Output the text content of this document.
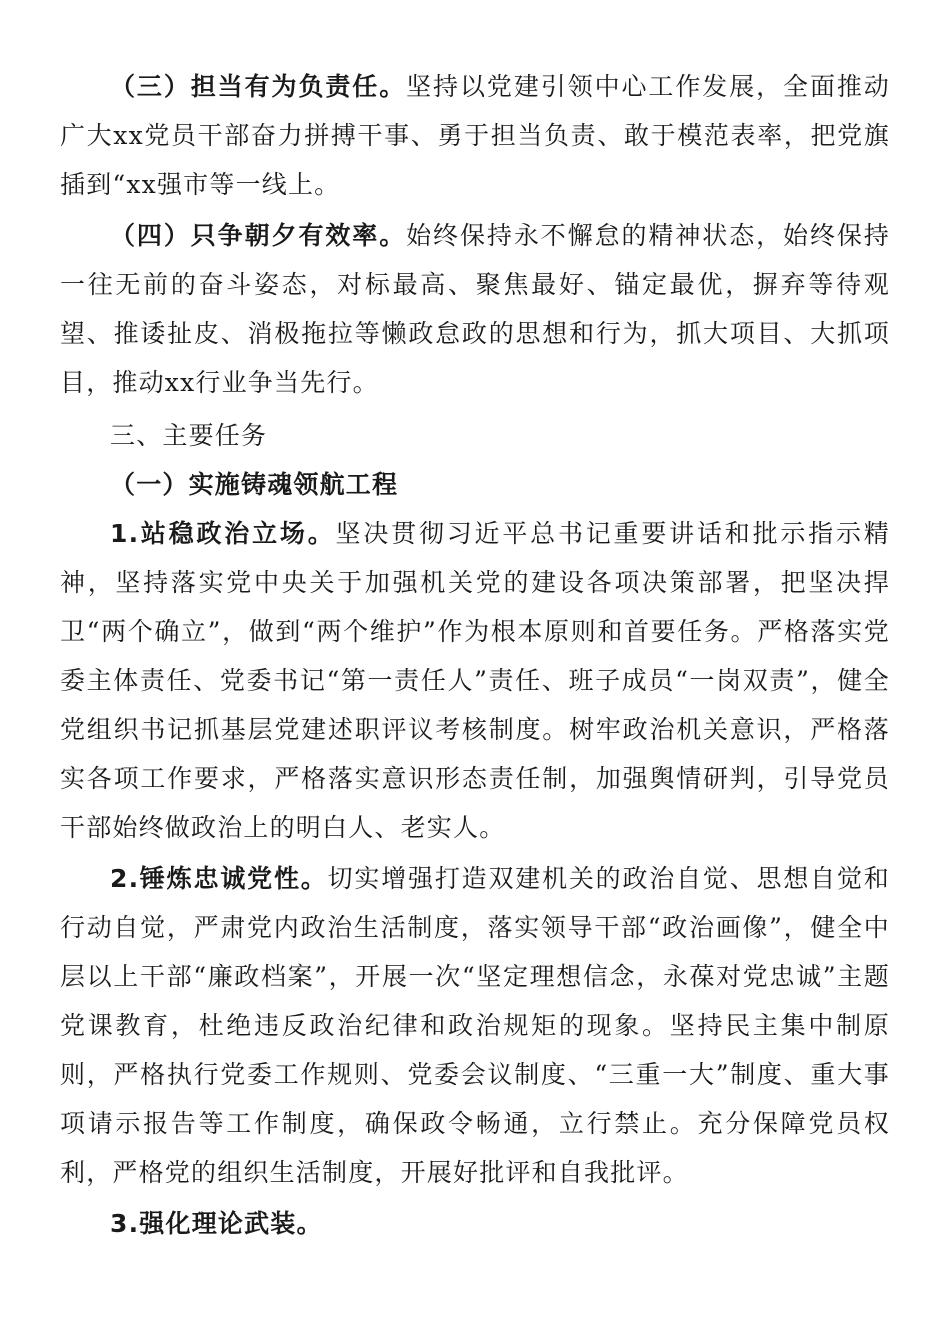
（三）担当有为负责任。坚持以党建引领中心工作发展，全面推动广大xx党员干部奋力拼搏干事、勇于担当负责、敢于模范表率，把党旗插到“xx强市等一线上。

（四）只争朝夕有效率。始终保持永不懈怠的精神状态，始终保持一往无前的奋斗姿态，对标最高、聚焦最好、锚定最优，摒弃等待观望、推诿扯皮、消极拖拉等懒政怠政的思想和行为，抓大项目、大抓项目，推动xx行业争当先行。

三、主要任务

（一）实施铸魂领航工程

1.站稳政治立场。坚决贯彻习近平总书记重要讲话和批示指示精神，坚持落实党中央关于加强机关党的建设各项决策部署，把坚决捍卫“两个确立”，做到“两个维护”作为根本原则和首要任务。严格落实党委主体责任、党委书记“第一责任人”责任、班子成员“一岗双责”，健全党组织书记抓基层党建述职评议考核制度。树牢政治机关意识，严格落实各项工作要求，严格落实意识形态责任制，加强舆情研判，引导党员干部始终做政治上的明白人、老实人。

2.锤炼忠诚党性。切实增强打造双建机关的政治自觉、思想自觉和行动自觉，严肃党内政治生活制度，落实领导干部“政治画像”，健全中层以上干部“廉政档案”，开展一次“坚定理想信念，永葆对党忠诚”主题党课教育，杜绝违反政治纪律和政治规矩的现象。坚持民主集中制原则，严格执行党委工作规则、党委会议制度、“三重一大”制度、重大事项请示报告等工作制度，确保政令畅通，立行禁止。充分保障党员权利，严格党的组织生活制度，开展好批评和自我批评。

3.强化理论武装。
